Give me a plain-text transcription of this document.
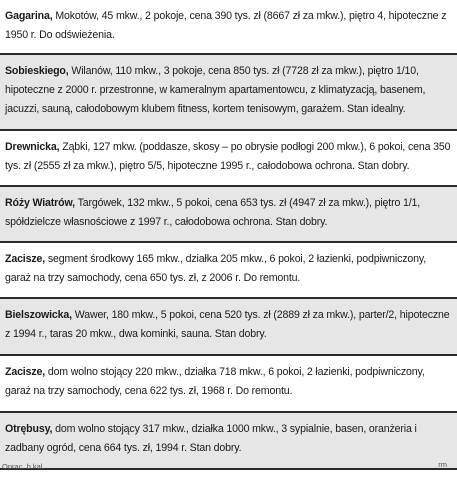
Gagarina, Mokotów, 45 mkw., 2 pokoje, cena 390 tys. zł (8667 zł za mkw.), piętro 4, hipoteczne z 1950 r. Do odświeżenia.
Sobieskiego, Wilanów, 110 mkw., 3 pokoje, cena 850 tys. zł (7728 zł za mkw.), piętro 1/10, hipoteczne z 2000 r. przestronne, w kameralnym apartamentowcu, z klimatyzacją, basenem, jacuzzi, sauną, całodobowym klubem fitness, kortem tenisowym, garażem. Stan idealny.
Drewnicka, Ząbki, 127 mkw. (poddasze, skosy – po obrysie podłogi 200 mkw.), 6 pokoi, cena 350 tys. zł (2555 zł za mkw.), piętro 5/5, hipoteczne 1995 r., całodobowa ochrona. Stan dobry.
Róży Wiatrów, Targówek, 132 mkw., 5 pokoi, cena 653 tys. zł (4947 zł za mkw.), piętro 1/1, spółdzielcze własnościowe z 1997 r., całodobowa ochrona. Stan dobry.
Zacisze, segment środkowy 165 mkw., działka 205 mkw., 6 pokoi, 2 łazienki, podpiwniczony, garaż na trzy samochody, cena 650 tys. zł, z 2006 r. Do remontu.
Bielszowicka, Wawer, 180 mkw., 5 pokoi, cena 520 tys. zł (2889 zł za mkw.), parter/2, hipoteczne z 1994 r., taras 20 mkw., dwa kominki, sauna. Stan dobry.
Zacisze, dom wolno stojący 220 mkw., działka 718 mkw., 6 pokoi, 2 łazienki, podpiwniczony, garaż na trzy samochody, cena 622 tys. zł, 1968 r. Do remontu.
Otrębusy, dom wolno stojący 317 mkw., działka 1000 mkw., 3 sypialnie, basen, oranżeria i zadbany ogród, cena 664 tys. zł, 1994 r. Stan dobry.
Oprac. b.kal.	rm
